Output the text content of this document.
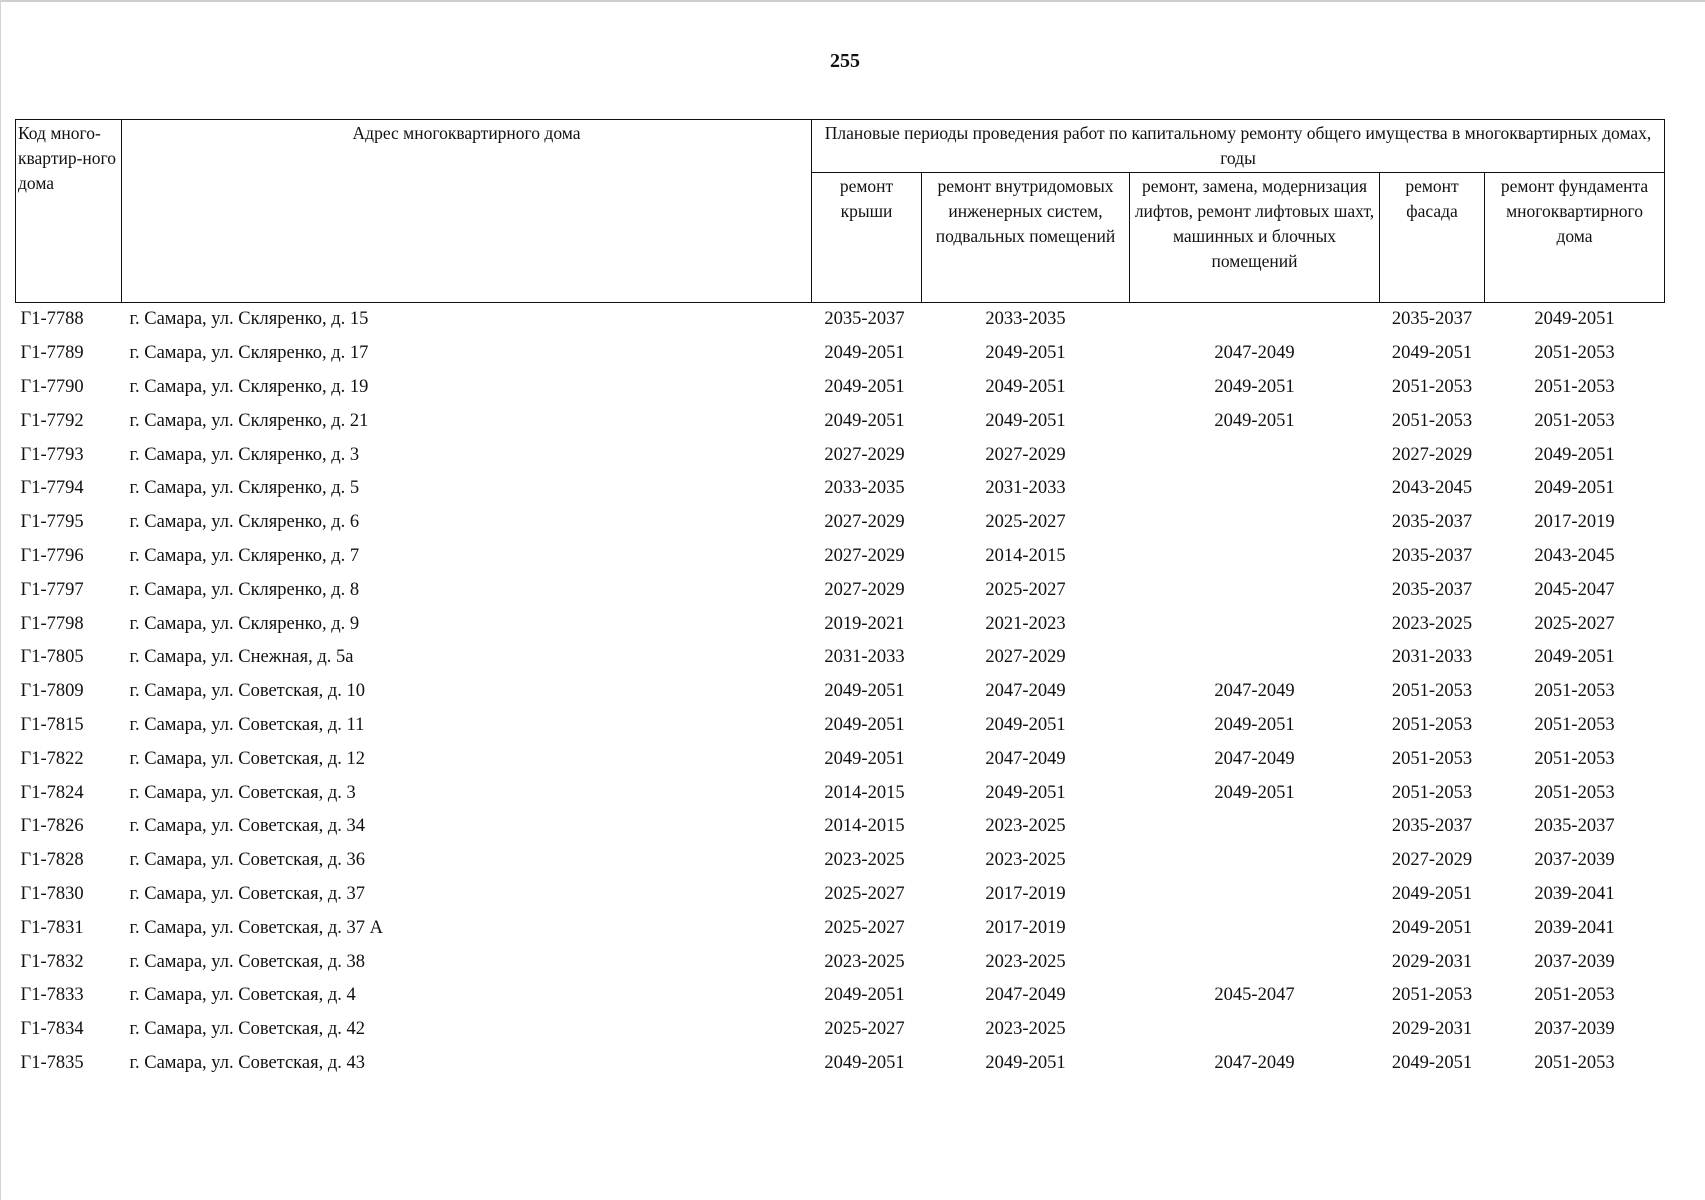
255
Код много-квартир-ного дома	Адрес многоквартирного дома	Плановые периоды проведения работ по капитальному ремонту общего имущества в многоквартирных домах, годы				
		ремонт крыши	ремонт внутридомовых инженерных систем, подвальных помещений	ремонт, замена, модернизация лифтов, ремонт лифтовых шахт, машинных и блочных помещений	ремонт фасада	ремонт фундамента многоквартирного дома
Г1-7788	г. Самара, ул. Скляренко, д. 15	2035-2037	2033-2035		2035-2037	2049-2051
Г1-7789	г. Самара, ул. Скляренко, д. 17	2049-2051	2049-2051	2047-2049	2049-2051	2051-2053
Г1-7790	г. Самара, ул. Скляренко, д. 19	2049-2051	2049-2051	2049-2051	2051-2053	2051-2053
Г1-7792	г. Самара, ул. Скляренко, д. 21	2049-2051	2049-2051	2049-2051	2051-2053	2051-2053
Г1-7793	г. Самара, ул. Скляренко, д. 3	2027-2029	2027-2029		2027-2029	2049-2051
Г1-7794	г. Самара, ул. Скляренко, д. 5	2033-2035	2031-2033		2043-2045	2049-2051
Г1-7795	г. Самара, ул. Скляренко, д. 6	2027-2029	2025-2027		2035-2037	2017-2019
Г1-7796	г. Самара, ул. Скляренко, д. 7	2027-2029	2014-2015		2035-2037	2043-2045
Г1-7797	г. Самара, ул. Скляренко, д. 8	2027-2029	2025-2027		2035-2037	2045-2047
Г1-7798	г. Самара, ул. Скляренко, д. 9	2019-2021	2021-2023		2023-2025	2025-2027
Г1-7805	г. Самара, ул. Снежная, д. 5а	2031-2033	2027-2029		2031-2033	2049-2051
Г1-7809	г. Самара, ул. Советская, д. 10	2049-2051	2047-2049	2047-2049	2051-2053	2051-2053
Г1-7815	г. Самара, ул. Советская, д. 11	2049-2051	2049-2051	2049-2051	2051-2053	2051-2053
Г1-7822	г. Самара, ул. Советская, д. 12	2049-2051	2047-2049	2047-2049	2051-2053	2051-2053
Г1-7824	г. Самара, ул. Советская, д. 3	2014-2015	2049-2051	2049-2051	2051-2053	2051-2053
Г1-7826	г. Самара, ул. Советская, д. 34	2014-2015	2023-2025		2035-2037	2035-2037
Г1-7828	г. Самара, ул. Советская, д. 36	2023-2025	2023-2025		2027-2029	2037-2039
Г1-7830	г. Самара, ул. Советская, д. 37	2025-2027	2017-2019		2049-2051	2039-2041
Г1-7831	г. Самара, ул. Советская, д. 37 А	2025-2027	2017-2019		2049-2051	2039-2041
Г1-7832	г. Самара, ул. Советская, д. 38	2023-2025	2023-2025		2029-2031	2037-2039
Г1-7833	г. Самара, ул. Советская, д. 4	2049-2051	2047-2049	2045-2047	2051-2053	2051-2053
Г1-7834	г. Самара, ул. Советская, д. 42	2025-2027	2023-2025		2029-2031	2037-2039
Г1-7835	г. Самара, ул. Советская, д. 43	2049-2051	2049-2051	2047-2049	2049-2051	2051-2053
